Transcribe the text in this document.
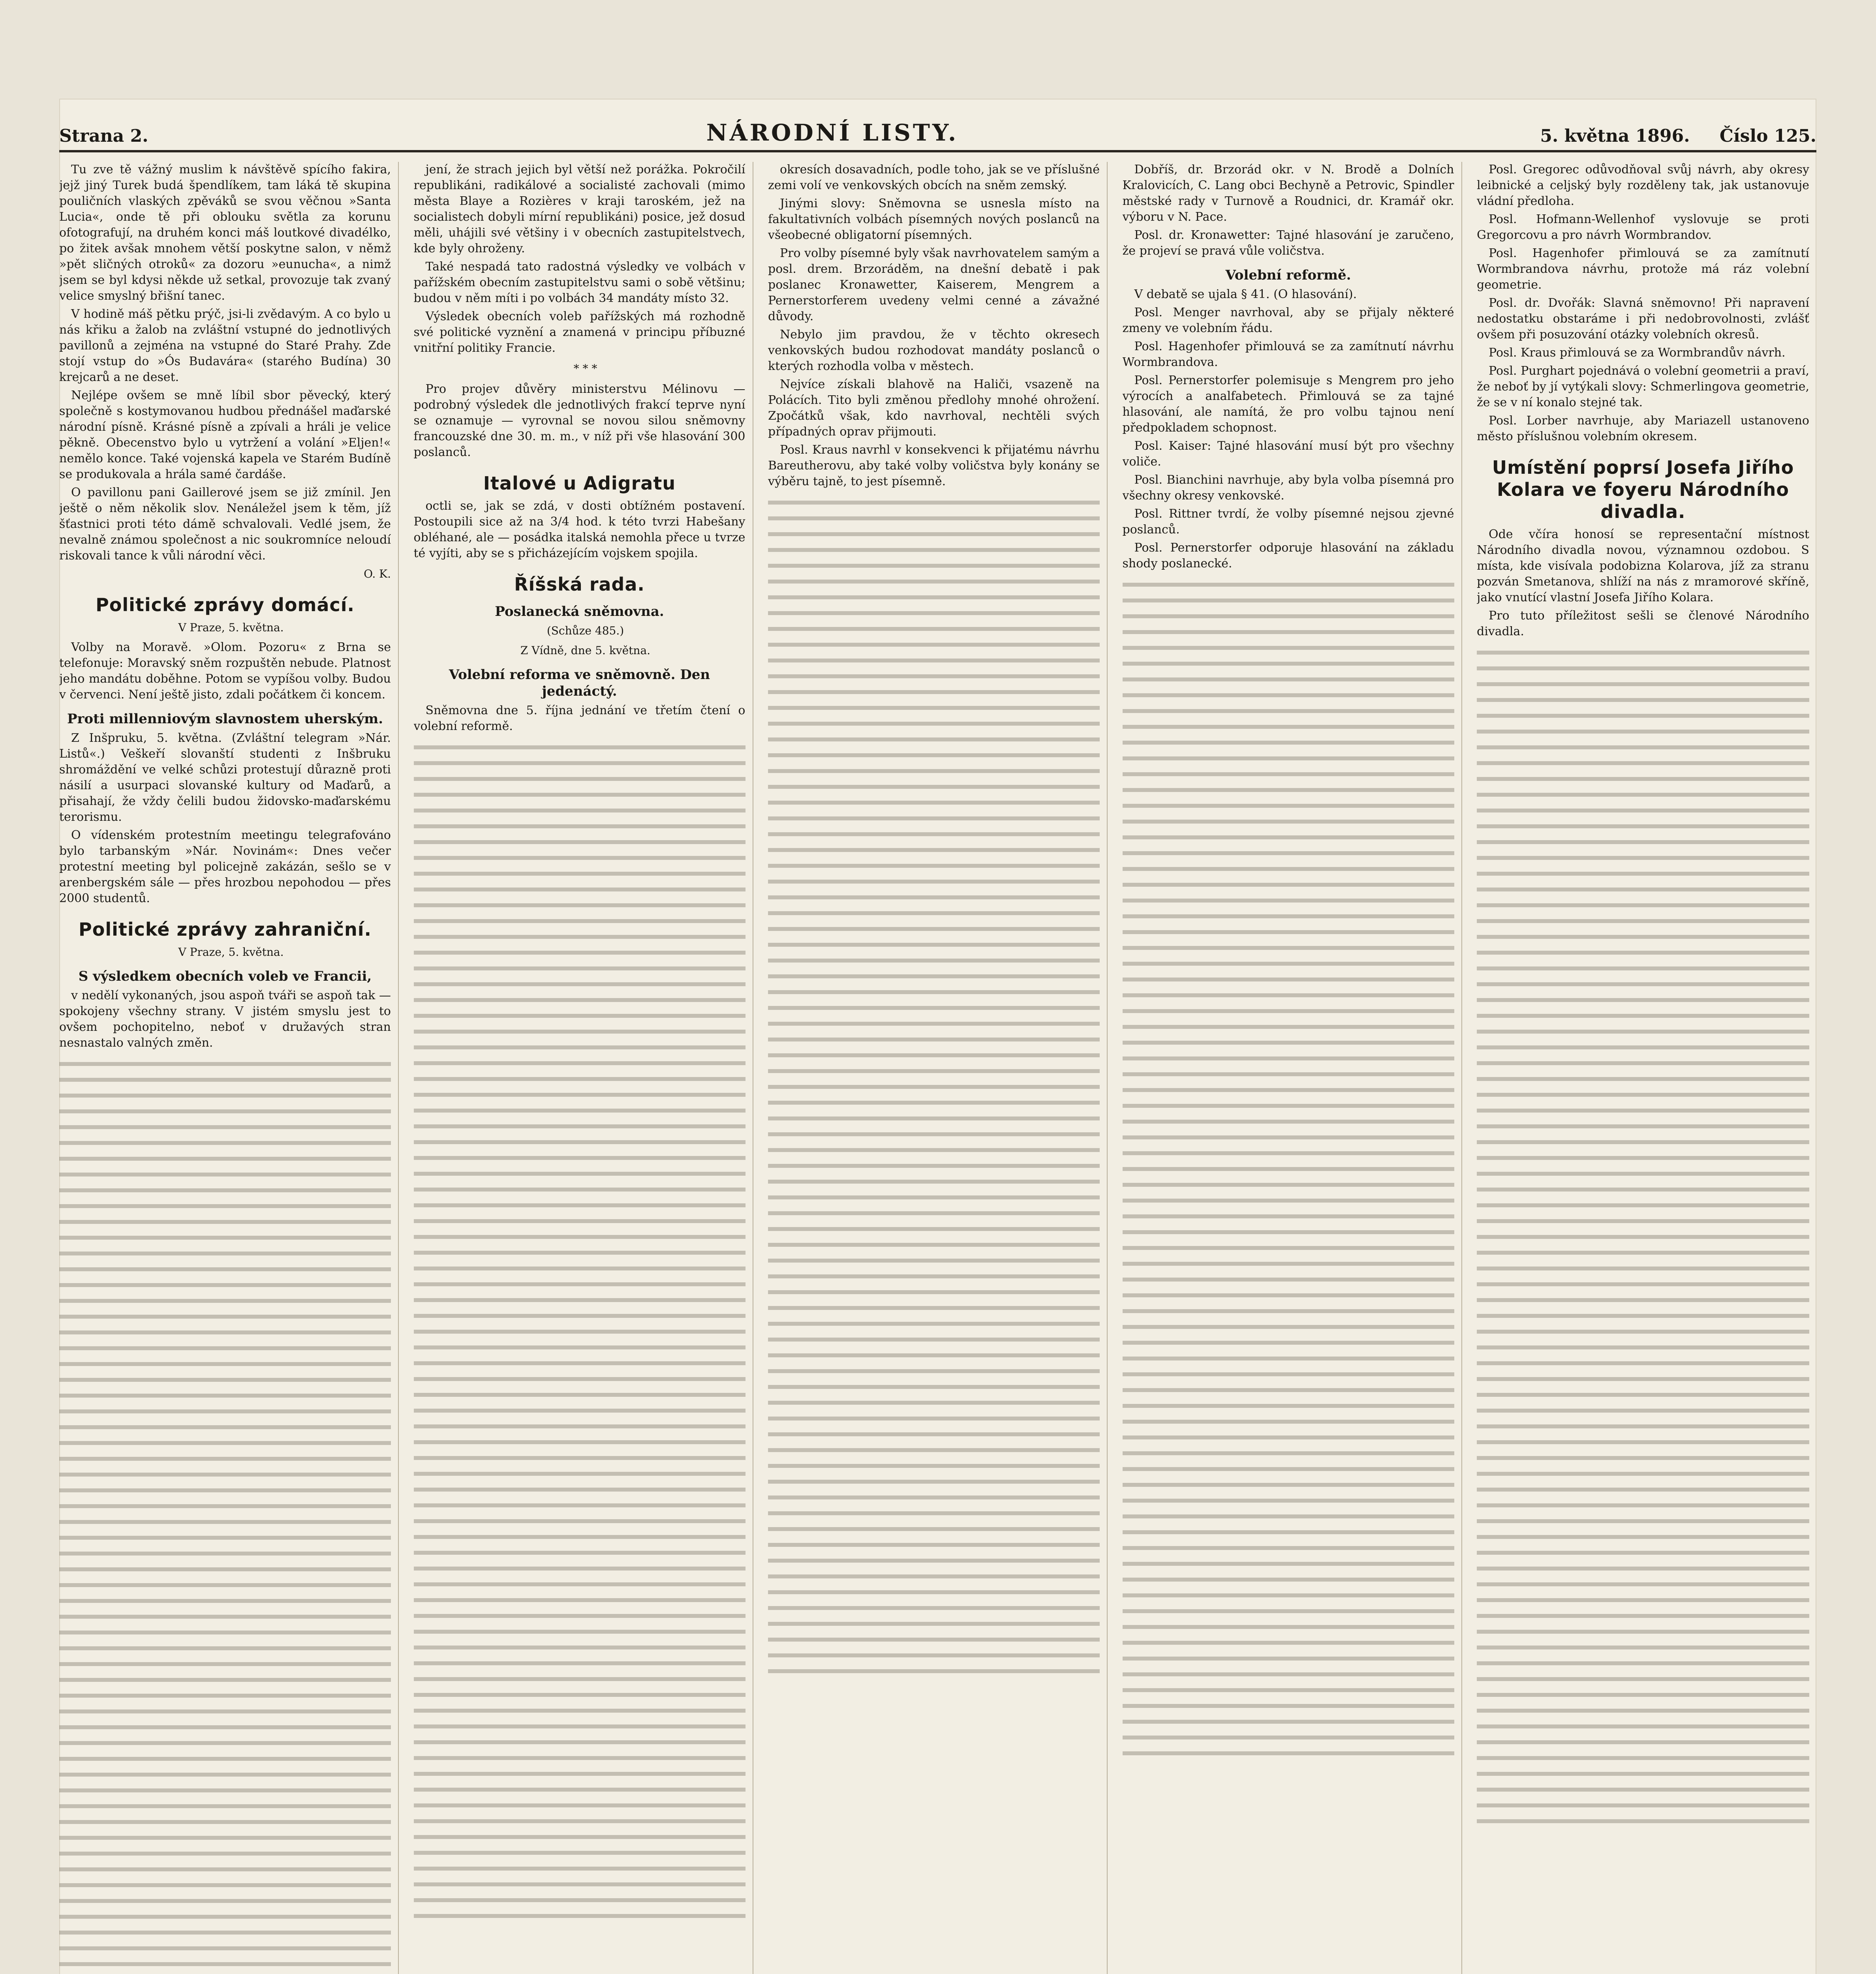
Strana 2.	NÁRODNÍ LISTY.	5. května 1896. Číslo 125.

Tu zve tě vážný muslim k návštěvě spícího fakira, jejž jiný Turek budá špendlíkem, tam láká tě skupina pouličních vlaských zpěváků se svou věčnou »Santa Lucia«, onde tě při oblouku světla za korunu ofotografují, na druhém konci máš loutkové divadélko, po žitek avšak mnohem větší poskytne salon, v němž »pět sličných otroků« za dozoru »eunucha«, a nimž jsem se byl kdysi někde už setkal, provozuje tak zvaný velice smyslný břišní tanec.

V hodině máš pětku prýč, jsi-li zvědavým. A co bylo u nás křiku a žalob na zvláštní vstupné do jednotlivých pavillonů a zejména na vstupné do Staré Prahy. Zde stojí vstup do »Ós Budavára« (starého Budína) 30 krejcarů a ne deset.

Nejlépe ovšem se mně líbil sbor pěvecký, který společně s kostymovanou hudbou přednášel maďarské národní písně. Krásné písně a zpívali a hráli je velice pěkně. Obecenstvo bylo u vytržení a volání »Eljen!« nemělo konce. Také vojenská kapela ve Starém Budíně se produkovala a hrála samé čardáše.

O pavillonu pani Gaillerové jsem se již zmínil. Jen ještě o něm několik slov. Nenáležel jsem k těm, jíž šťastnici proti této dámě schvalovali. Vedlé jsem, že nevalně známou společnost a nic soukromníce neloudí riskovali tance k vůli národní věci.

O. K.

Politické zprávy domácí.

V Praze, 5. května.

Volby na Moravě. »Olom. Pozoru« z Brna se telefonuje: Moravský sněm rozpuštěn nebude. Platnost jeho mandátu doběhne. Potom se vypíšou volby. Budou v červenci. Není ještě jisto, zdali počátkem či koncem.

Proti millenniovým slavnostem uherským.

Z Inšpruku, 5. května. (Zvláštní telegram »Nár. Listů«.) Veškeří slovanští studenti z Inšbruku shromáždění ve velké schůzi protestují důrazně proti násilí a usurpaci slovanské kultury od Maďarů, a přisahají, že vždy čelili budou židovsko-maďarskému terorismu.

O vídenském protestním meetingu telegrafováno bylo tarbanským »Nár. Novinám«: Dnes večer protestní meeting byl policejně zakázán, sešlo se v arenbergském sále — přes hrozbou nepohodou — přes 2000 studentů.

Politické zprávy zahraniční.

V Praze, 5. května.

S výsledkem obecních voleb ve Francii,

v nedělí vykonaných, jsou aspoň tváři se aspoň tak — spokojeny všechny strany. V jistém smyslu jest to ovšem pochopitelno, neboť v družavých stran nesnastalo valných změn.

jení, že strach jejich byl větší než porážka. Pokročilí republikáni, radikálové a socialisté zachovali (mimo města Blaye a Rozières v kraji taroském, jež na socialistech dobyli mírní republikáni) posice, jež dosud měli, uhájili své většiny i v obecních zastupitelstvech, kde byly ohroženy.

Také nespadá tato radostná výsledky ve volbách v pařížském obecním zastupitelstvu sami o sobě většinu; budou v něm míti i po volbách 34 mandáty místo 32.

Výsledek obecních voleb pařížských má rozhodně své politické vyznění a znamená v principu příbuzné vnitřní politiky Francie.

* * *

Pro projev důvěry ministerstvu Mélinovu — podrobný výsledek dle jednotlivých frakcí teprve nyní se oznamuje — vyrovnal se novou silou sněmovny francouzské dne 30. m. m., v níž při vše hlasování 300 poslanců.

Italové u Adigratu

octli se, jak se zdá, v dosti obtížném postavení. Postoupili sice až na 3/4 hod. k této tvrzi Habešany obléhané, ale — posádka italská nemohla přece u tvrze té vyjíti, aby se s přicházejícím vojskem spojila.

Říšská rada.
Poslanecká sněmovna.

(Schůze 485.)

Z Vídně, dne 5. května.

Volební reforma ve sněmovně. Den jedenáctý.

Sněmovna dne 5. října jednání ve třetím čtení o volební reformě.

okresích dosavadních, podle toho, jak se ve příslušné zemi volí ve venkovských obcích na sněm zemský.

Jinými slovy: Sněmovna se usnesla místo na fakultativních volbách písemných nových poslanců na všeobecné obligatorní písemných.

Pro volby písemné byly však navrhovatelem samým a posl. drem. Brzoráděm, na dnešní debatě i pak poslanec Kronawetter, Kaiserem, Mengrem a Pernerstorferem uvedeny velmi cenné a závažné důvody.

Nebylo jim pravdou, že v těchto okresech venkovských budou rozhodovat mandáty poslanců o kterých rozhodla volba v městech.

Nejvíce získali blahově na Haliči, vsazeně na Polácích. Tito byli změnou předlohy mnohé ohrožení. Zpočátků však, kdo navrhoval, nechtěli svých případných oprav přijmouti.

Posl. Kraus navrhl v konsekvenci k přijatému návrhu Bareutherovu, aby také volby voličstva byly konány se výběru tajně, to jest písemně.

Dobříš, dr. Brzorád okr. v N. Brodě a Dolních Kralovicích, C. Lang obci Bechyně a Petrovic, Spindler městské rady v Turnově a Roudnici, dr. Kramář okr. výboru v N. Pace.

Posl. dr. Kronawetter: Tajné hlasování je zaručeno, že projeví se pravá vůle voličstva.

Volební reformě.

V debatě se ujala § 41. (O hlasování).

Posl. Menger navrhoval, aby se přijaly některé zmeny ve volebním řádu.

Posl. Hagenhofer přimlouvá se za zamítnutí návrhu Wormbrandova.

Posl. Pernerstorfer polemisuje s Mengrem pro jeho výrocích a analfabetech. Přimlouvá se za tajné hlasování, ale namítá, že pro volbu tajnou není předpokladem schopnost.

Posl. Kaiser: Tajné hlasování musí být pro všechny voliče.

Posl. Bianchini navrhuje, aby byla volba písemná pro všechny okresy venkovské.

Posl. Rittner tvrdí, že volby písemné nejsou zjevné poslanců.

Posl. Pernerstorfer odporuje hlasování na základu shody poslanecké.

Posl. Gregorec odůvodňoval svůj návrh, aby okresy leibnické a celjský byly rozděleny tak, jak ustanovuje vládní předloha.

Posl. Hofmann-Wellenhof vyslovuje se proti Gregorcovu a pro návrh Wormbrandov.

Posl. Hagenhofer přimlouvá se za zamítnutí Wormbrandova návrhu, protože má ráz volební geometrie.

Posl. dr. Dvořák: Slavná sněmovno! Při napravení nedostatku obstaráme i při nedobrovolnosti, zvlášť ovšem při posuzování otázky volebních okresů.

Posl. Kraus přimlouvá se za Wormbrandův návrh.

Posl. Purghart pojednává o volební geometrii a praví, že neboť by jí vytýkali slovy: Schmerlingova geometrie, že se v ní konalo stejné tak.

Posl. Lorber navrhuje, aby Mariazell ustanoveno město příslušnou volebním okresem.

Umístění poprsí Josefa Jiřího Kolara ve foyeru Národního divadla.

Ode včíra honosí se representační místnost Národního divadla novou, významnou ozdobou. S místa, kde visívala podobizna Kolarova, jíž za stranu pozván Smetanova, shlíží na nás z mramorové skříně, jako vnutící vlastní Josefa Jiřího Kolara.

Pro tuto příležitost sešli se členové Národního divadla.
